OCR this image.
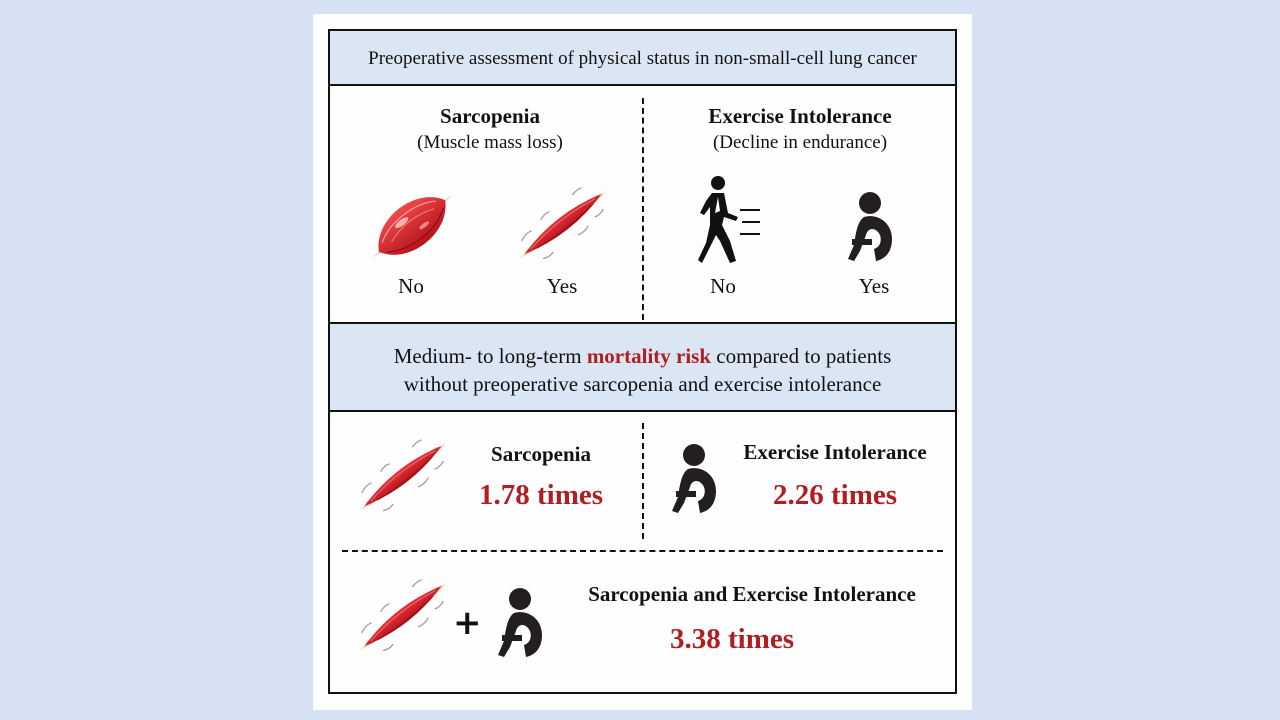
Preoperative assessment of physical status in non-small-cell lung cancer
Sarcopenia
(Muscle mass loss)
No	Yes
Exercise Intolerance
(Decline in endurance)
No	Yes
Medium- to long-term mortality risk compared to patients
without preoperative sarcopenia and exercise intolerance
Sarcopenia
1.78 times
Exercise Intolerance
2.26 times
+
Sarcopenia and Exercise Intolerance
3.38 times
